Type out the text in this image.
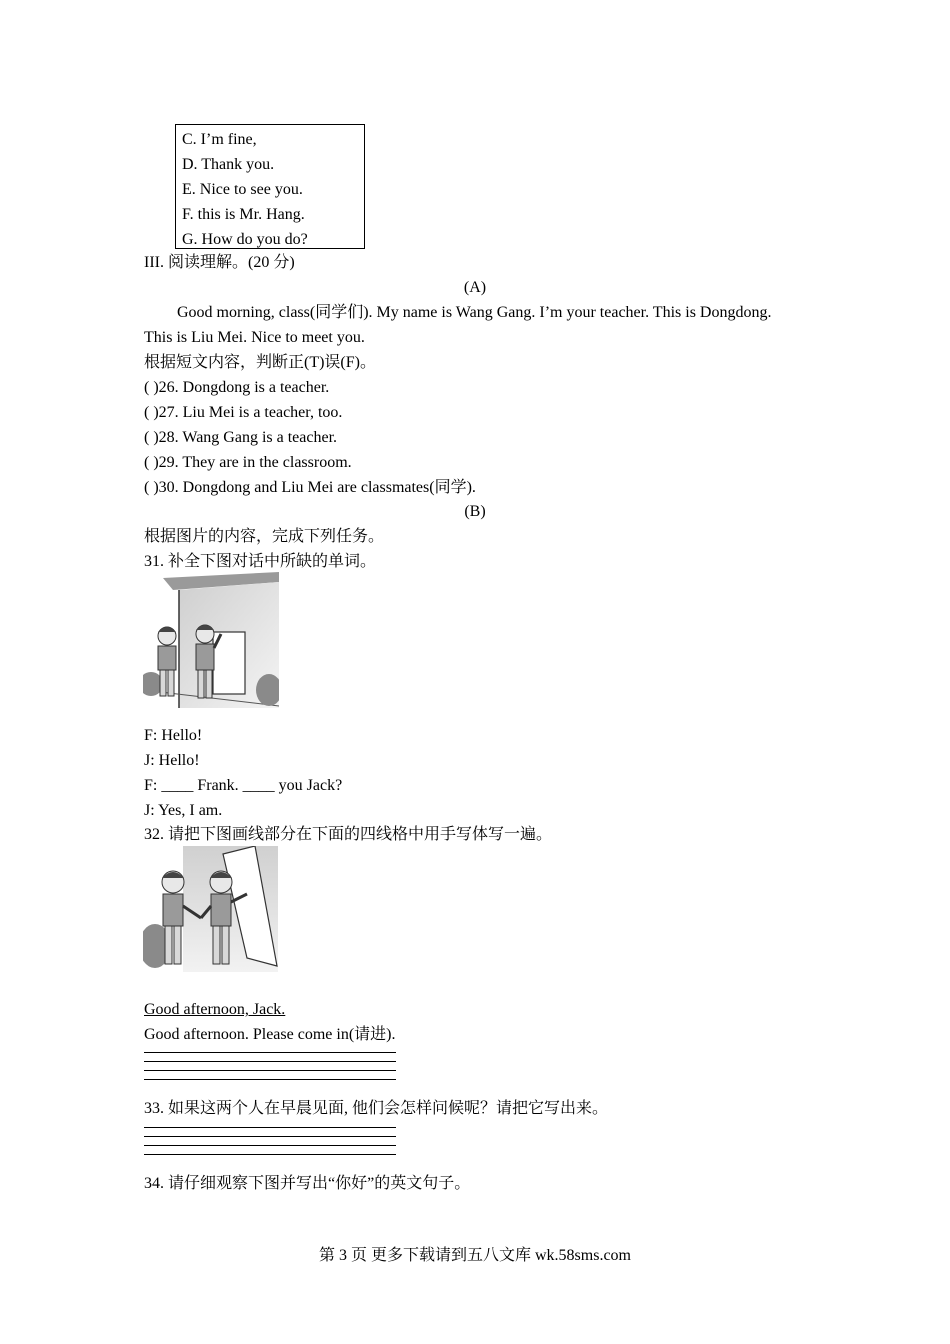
C. I’m fine,
D. Thank you.
E. Nice to see you.
F. this is Mr. Hang.
G. How do you do?
III. 阅读理解。(20 分)
(A)
Good morning, class(同学们). My name is Wang Gang. I’m your teacher. This is Dongdong.
This is Liu Mei. Nice to meet you.
根据短文内容，判断正(T)误(F)。
( )26. Dongdong is a teacher.
( )27. Liu Mei is a teacher, too.
( )28. Wang Gang is a teacher.
( )29. They are in the classroom.
( )30. Dongdong and Liu Mei are classmates(同学).
(B)
根据图片的内容，完成下列任务。
31. 补全下图对话中所缺的单词。
F: Hello!
J: Hello!
F: ____ Frank. ____ you Jack?
J: Yes, I am.
32. 请把下图画线部分在下面的四线格中用手写体写一遍。
Good afternoon, Jack.
Good afternoon. Please come in(请进).
33. 如果这两个人在早晨见面, 他们会怎样问候呢？请把它写出来。
34. 请仔细观察下图并写出“你好”的英文句子。
第 3 页 更多下载请到五八文库 wk.58sms.com
